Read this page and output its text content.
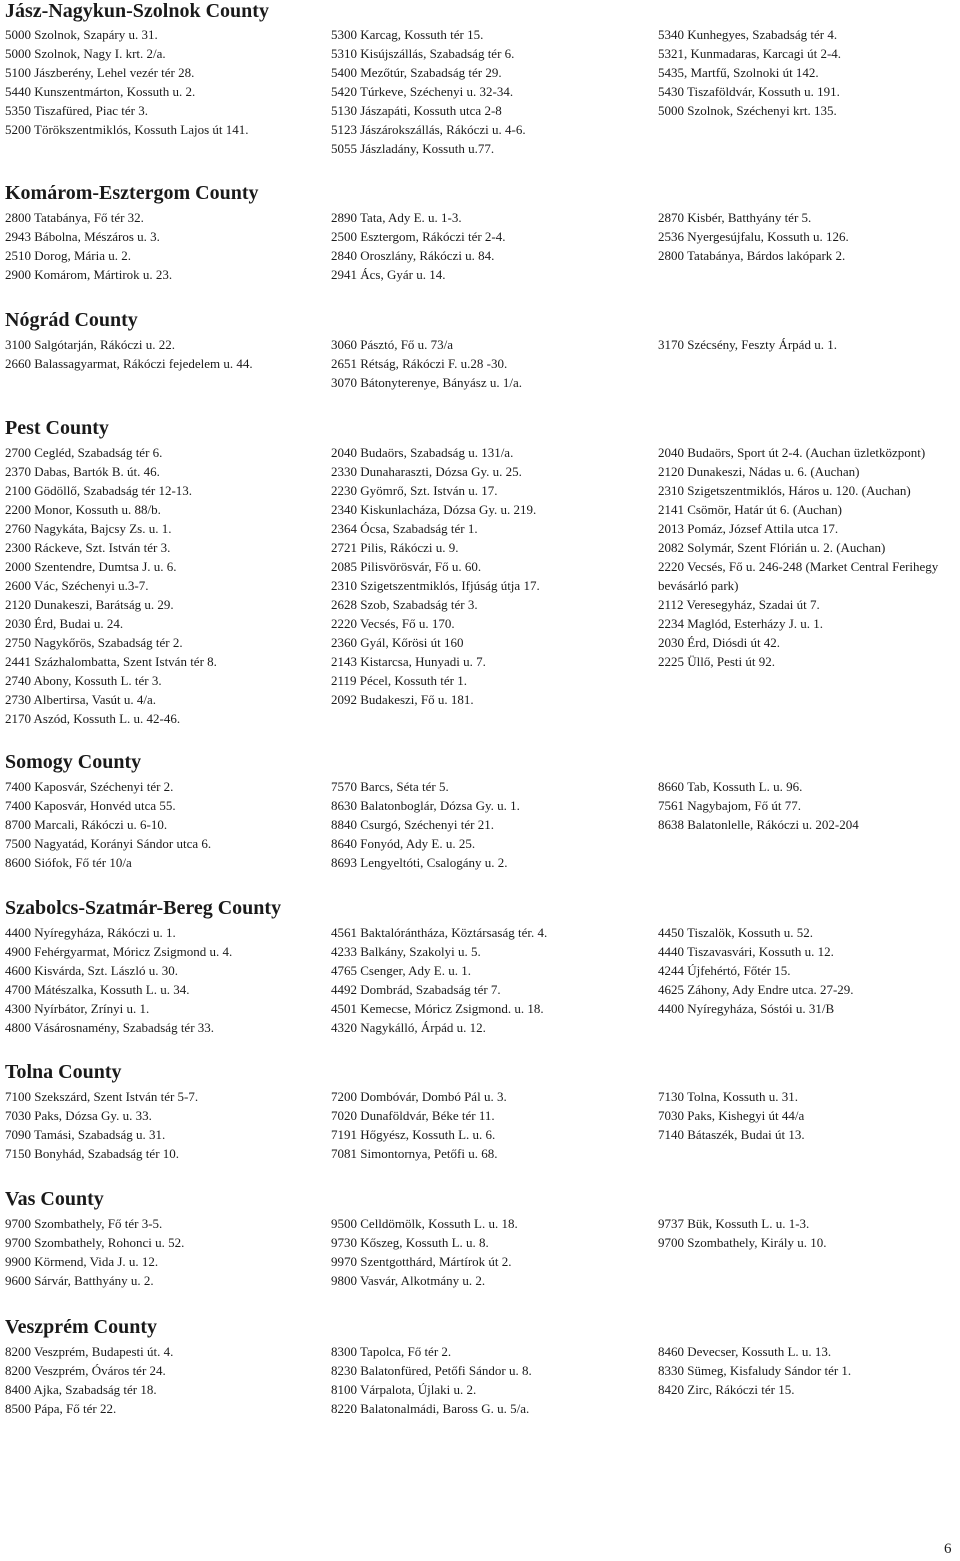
Jász-Nagykun-Szolnok County
5000 Szolnok, Szapáry u. 31.
5000 Szolnok, Nagy I. krt. 2/a.
5100 Jászberény, Lehel vezér tér 28.
5440 Kunszentmárton, Kossuth u. 2.
5350 Tiszafüred, Piac tér 3.
5200 Törökszentmiklós, Kossuth Lajos út 141.
5300 Karcag, Kossuth tér 15.
5310 Kisújszállás, Szabadság tér 6.
5400 Mezőtúr, Szabadság tér 29.
5420 Túrkeve, Széchenyi u. 32-34.
5130 Jászapáti, Kossuth utca 2-8
5123 Jászárokszállás, Rákóczi u. 4-6.
5055 Jászladány, Kossuth u.77.
5340 Kunhegyes, Szabadság tér 4.
5321, Kunmadaras, Karcagi út 2-4.
5435, Martfű, Szolnoki út 142.
5430 Tiszaföldvár, Kossuth u. 191.
5000 Szolnok, Széchenyi krt. 135.
Komárom-Esztergom County
2800 Tatabánya, Fő tér 32.
2943 Bábolna, Mészáros u. 3.
2510 Dorog, Mária u. 2.
2900 Komárom, Mártirok u. 23.
2890 Tata, Ady E. u. 1-3.
2500 Esztergom, Rákóczi tér 2-4.
2840 Oroszlány, Rákóczi u. 84.
2941 Ács, Gyár u. 14.
2870 Kisbér, Batthyány tér 5.
2536 Nyergesújfalu, Kossuth u. 126.
2800 Tatabánya, Bárdos lakópark 2.
Nógrád County
3100 Salgótarján, Rákóczi u. 22.
2660 Balassagyarmat, Rákóczi fejedelem u. 44.
3060 Pásztó, Fő u. 73/a
2651 Rétság, Rákóczi F. u.28 -30.
3070 Bátonyterenye, Bányász u. 1/a.
3170 Szécsény, Feszty Árpád u. 1.
Pest County
2700 Cegléd, Szabadság tér 6.
2370 Dabas, Bartók B. út. 46.
2100 Gödöllő, Szabadság tér 12-13.
2200 Monor, Kossuth u. 88/b.
2760 Nagykáta, Bajcsy Zs. u. 1.
2300 Ráckeve, Szt. István tér 3.
2000 Szentendre, Dumtsa J. u. 6.
2600 Vác, Széchenyi u.3-7.
2120 Dunakeszi, Barátság u. 29.
2030 Érd, Budai u. 24.
2750 Nagykőrös, Szabadság tér 2.
2441 Százhalombatta, Szent István tér 8.
2740 Abony, Kossuth L. tér 3.
2730 Albertirsa, Vasút u. 4/a.
2170 Aszód, Kossuth L. u. 42-46.
2040 Budaörs, Szabadság u. 131/a.
2330 Dunaharaszti, Dózsa Gy. u. 25.
2230 Gyömrő, Szt. István u. 17.
2340 Kiskunlacháza, Dózsa Gy. u. 219.
2364 Ócsa, Szabadság tér 1.
2721 Pilis, Rákóczi u. 9.
2085 Pilisvörösvár, Fő u. 60.
2310 Szigetszentmiklós, Ifjúság útja 17.
2628 Szob, Szabadság tér 3.
2220 Vecsés, Fő u. 170.
2360 Gyál, Kőrösi út 160
2143 Kistarcsa, Hunyadi u. 7.
2119 Pécel, Kossuth tér 1.
2092 Budakeszi, Fő u. 181.
2040 Budaörs, Sport út 2-4. (Auchan üzletközpont)
2120 Dunakeszi, Nádas u. 6. (Auchan)
2310 Szigetszentmiklós, Háros u. 120. (Auchan)
2141 Csömör, Határ út 6. (Auchan)
2013 Pomáz, József Attila utca 17.
2082 Solymár, Szent Flórián u. 2. (Auchan)
2220 Vecsés, Fő u. 246-248 (Market Central Ferihegy bevásárló park)
2112 Veresegyház, Szadai út 7.
2234 Maglód, Esterházy J. u. 1.
2030 Érd, Diósdi út 42.
2225 Üllő, Pesti út 92.
Somogy County
7400 Kaposvár, Széchenyi tér 2.
7400 Kaposvár, Honvéd utca 55.
8700 Marcali, Rákóczi u. 6-10.
7500 Nagyatád, Korányi Sándor utca 6.
8600 Siófok, Fő tér 10/a
7570 Barcs, Séta tér 5.
8630 Balatonboglár, Dózsa Gy. u. 1.
8840 Csurgó, Széchenyi tér 21.
8640 Fonyód, Ady E. u. 25.
8693 Lengyeltóti, Csalogány u. 2.
8660 Tab, Kossuth L. u. 96.
7561 Nagybajom, Fő út 77.
8638 Balatonlelle, Rákóczi u. 202-204
Szabolcs-Szatmár-Bereg County
4400 Nyíregyháza, Rákóczi u. 1.
4900 Fehérgyarmat, Móricz Zsigmond u. 4.
4600 Kisvárda, Szt. László u. 30.
4700 Mátészalka, Kossuth L. u. 34.
4300 Nyírbátor, Zrínyi u. 1.
4800 Vásárosnamény, Szabadság tér 33.
4561 Baktalórántháza, Köztársaság tér. 4.
4233 Balkány, Szakolyi u. 5.
4765 Csenger, Ady E. u. 1.
4492 Dombrád, Szabadság tér 7.
4501 Kemecse, Móricz Zsigmond. u. 18.
4320 Nagykálló, Árpád u. 12.
4450 Tiszalök, Kossuth u. 52.
4440 Tiszavasvári, Kossuth u. 12.
4244 Újfehértó, Főtér 15.
4625 Záhony, Ady Endre utca. 27-29.
4400 Nyíregyháza, Sóstói u. 31/B
Tolna County
7100 Szekszárd, Szent István tér 5-7.
7030 Paks, Dózsa Gy. u. 33.
7090 Tamási, Szabadság u. 31.
7150 Bonyhád, Szabadság tér 10.
7200 Dombóvár, Dombó Pál u. 3.
7020 Dunaföldvár, Béke tér 11.
7191 Hőgyész, Kossuth L. u. 6.
7081 Simontornya, Petőfi u. 68.
7130 Tolna, Kossuth u. 31.
7030 Paks, Kishegyi út 44/a
7140 Bátaszék, Budai út 13.
Vas County
9700 Szombathely, Fő tér 3-5.
9700 Szombathely, Rohonci u. 52.
9900 Körmend, Vida J. u. 12.
9600 Sárvár, Batthyány u. 2.
9500 Celldömölk, Kossuth L. u. 18.
9730 Kőszeg, Kossuth L. u. 8.
9970 Szentgotthárd, Mártírok út 2.
9800 Vasvár, Alkotmány u. 2.
9737 Bük, Kossuth L. u. 1-3.
9700 Szombathely, Király u. 10.
Veszprém County
8200 Veszprém, Budapesti út. 4.
8200 Veszprém, Óváros tér 24.
8400 Ajka, Szabadság tér 18.
8500 Pápa, Fő tér 22.
8300 Tapolca, Fő tér 2.
8230 Balatonfüred, Petőfi Sándor u. 8.
8100 Várpalota, Újlaki u. 2.
8220 Balatonalmádi, Baross G. u. 5/a.
8460 Devecser, Kossuth L. u. 13.
8330 Sümeg, Kisfaludy Sándor tér 1.
8420 Zirc, Rákóczi tér 15.
6
